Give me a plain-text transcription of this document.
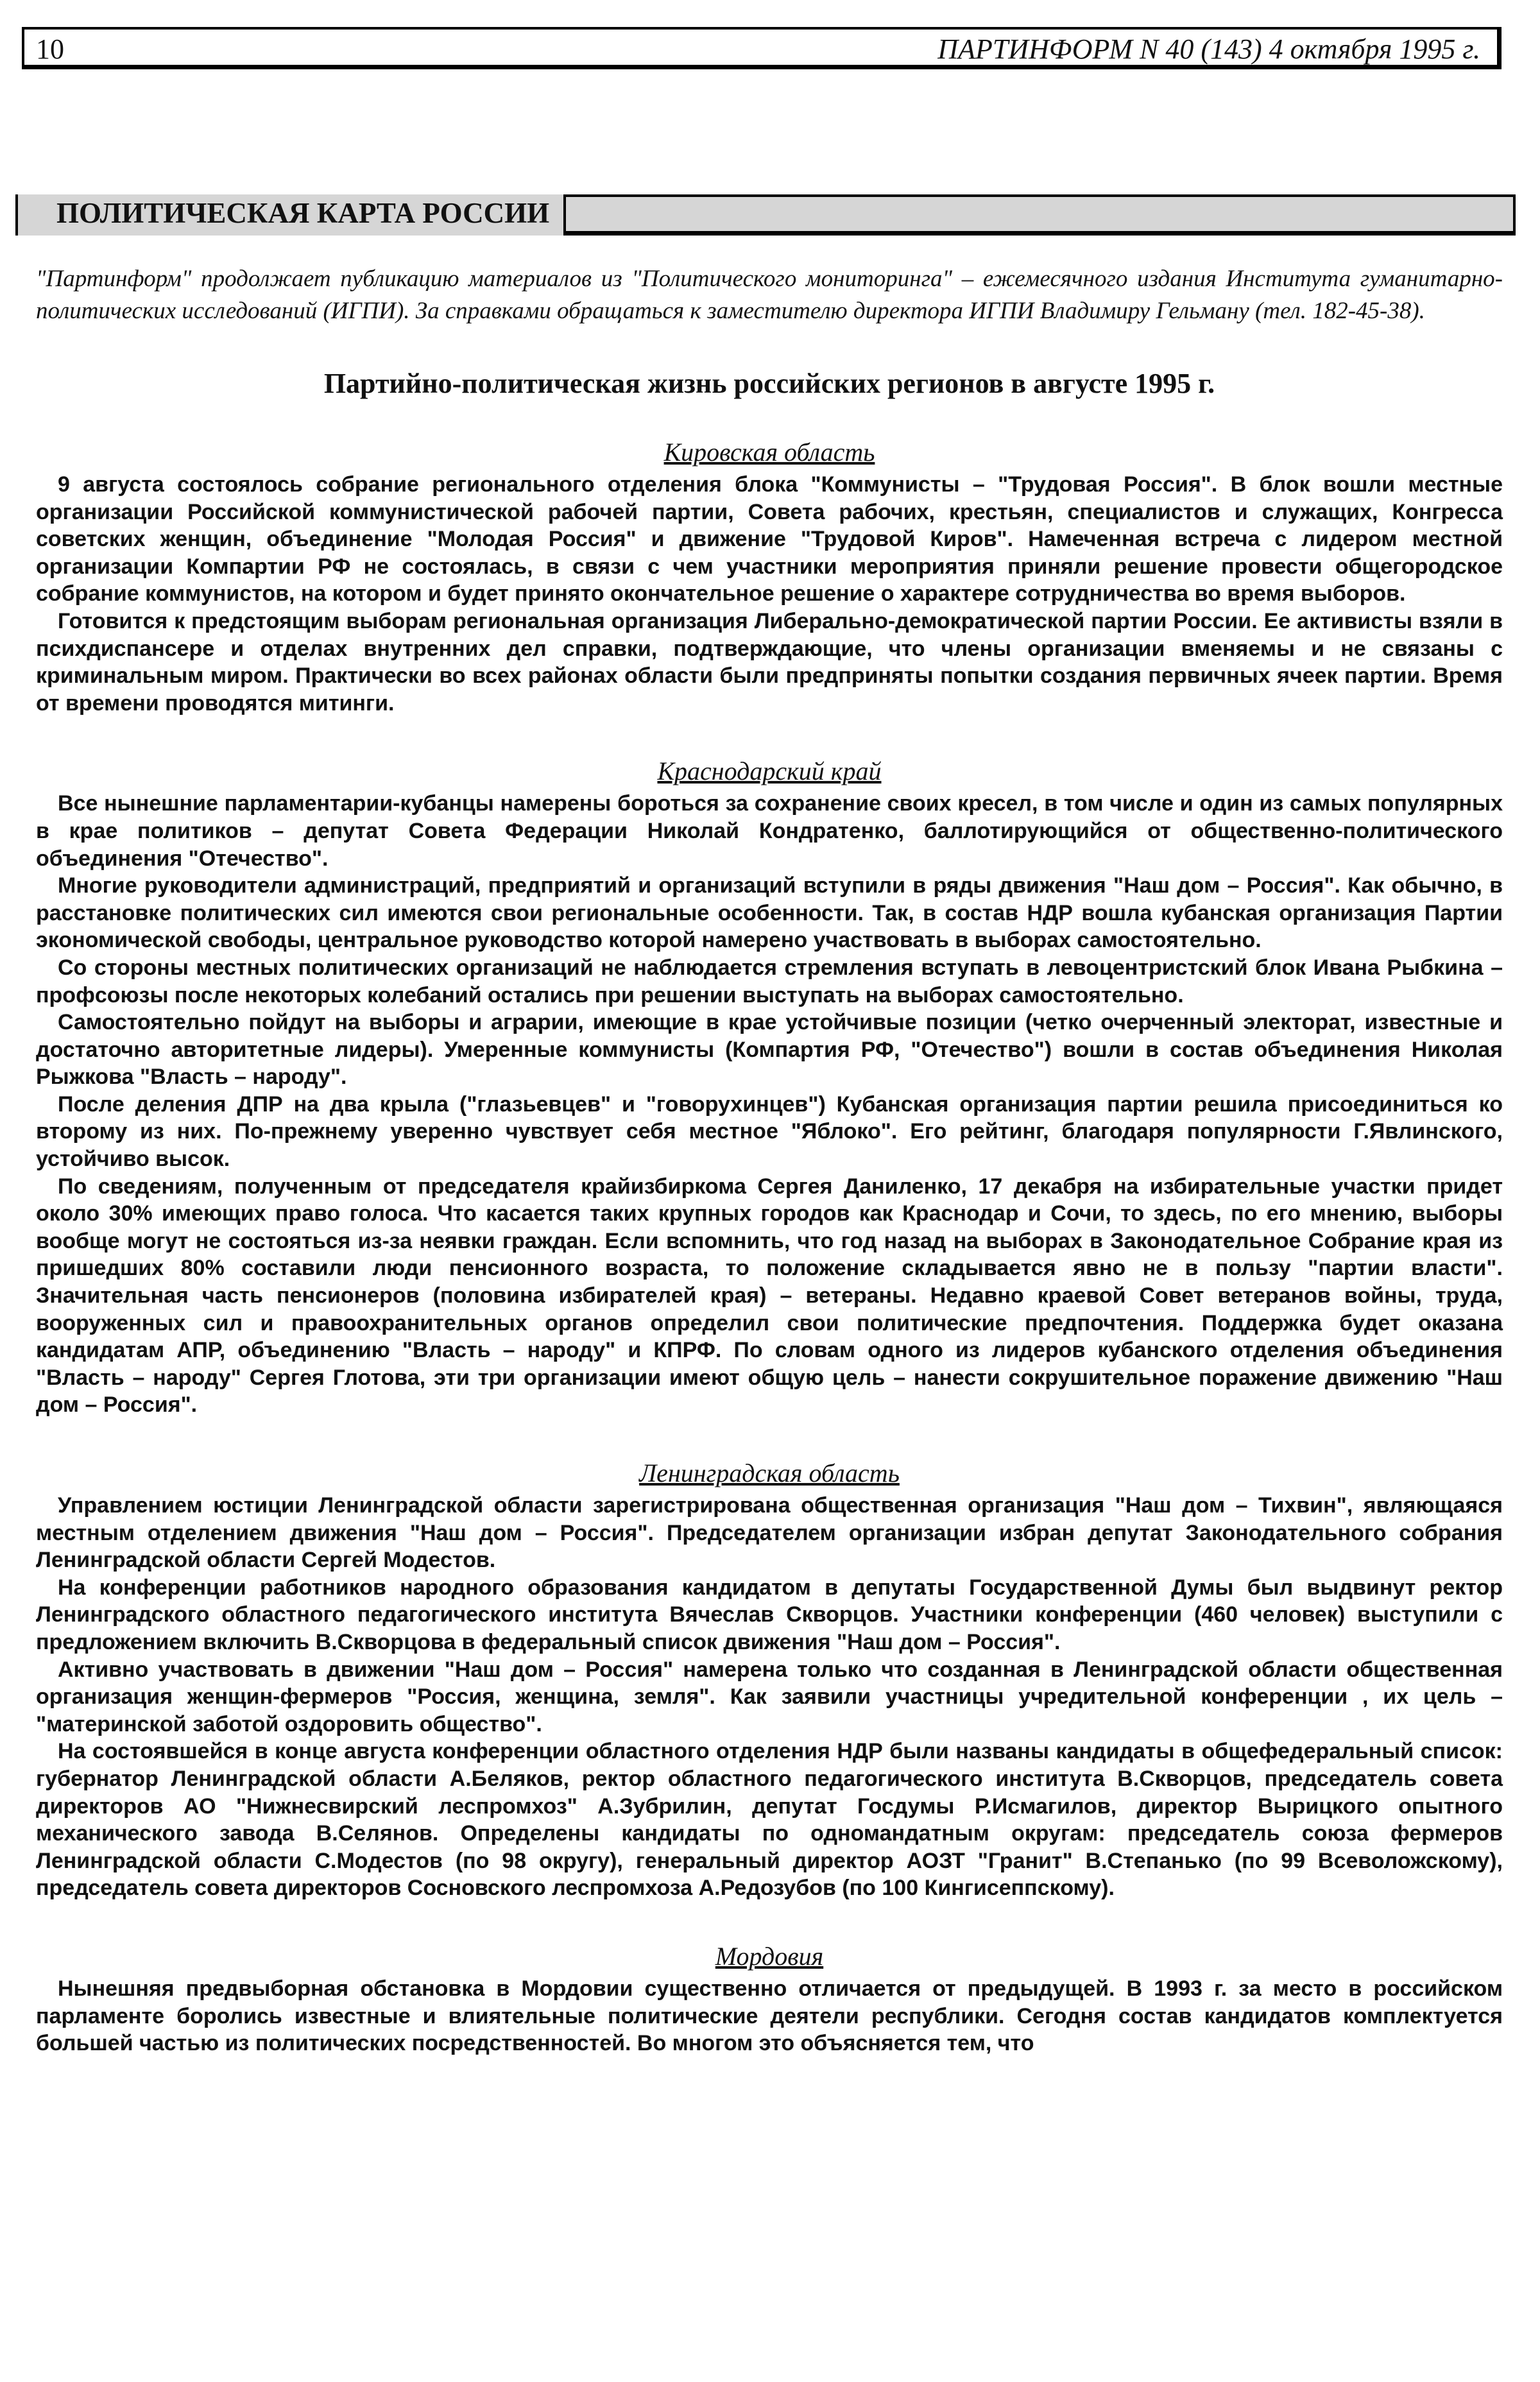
10	ПАРТИНФОРМ N 40 (143) 4 октября 1995 г.
ПОЛИТИЧЕСКАЯ КАРТА РОССИИ

"Партинформ" продолжает публикацию материалов из "Политического мониторинга" – ежемесячного издания Института гуманитарно-политических исследований (ИГПИ). За справками обращаться к заместителю директора ИГПИ Владимиру Гельману (тел. 182-45-38).

Партийно-политическая жизнь российских регионов в августе 1995 г.
Кировская область

9 августа состоялось собрание регионального отделения блока "Коммунисты – "Трудовая Россия". В блок вошли местные организации Российской коммунистической рабочей партии, Совета рабочих, крестьян, специалистов и служащих, Конгресса советских женщин, объединение "Молодая Россия" и движение "Трудовой Киров". Намеченная встреча с лидером местной организации Компартии РФ не состоялась, в связи с чем участники мероприятия приняли решение провести общегородское собрание коммунистов, на котором и будет принято окончательное решение о характере сотрудничества во время выборов.

Готовится к предстоящим выборам региональная организация Либерально-демократической партии России. Ее активисты взяли в психдиспансере и отделах внутренних дел справки, подтверждающие, что члены организации вменяемы и не связаны с криминальным миром. Практически во всех районах области были предприняты попытки создания первичных ячеек партии. Время от времени проводятся митинги.

Краснодарский край

Все нынешние парламентарии-кубанцы намерены бороться за сохранение своих кресел, в том числе и один из самых популярных в крае политиков – депутат Совета Федерации Николай Кондратенко, баллотирующийся от общественно-политического объединения "Отечество".

Многие руководители администраций, предприятий и организаций вступили в ряды движения "Наш дом – Россия". Как обычно, в расстановке политических сил имеются свои региональные особенности. Так, в состав НДР вошла кубанская организация Партии экономической свободы, центральное руководство которой намерено участвовать в выборах самостоятельно.

Со стороны местных политических организаций не наблюдается стремления вступать в левоцентристский блок Ивана Рыбкина – профсоюзы после некоторых колебаний остались при решении выступать на выборах самостоятельно.

Самостоятельно пойдут на выборы и аграрии, имеющие в крае устойчивые позиции (четко очерченный электорат, известные и достаточно авторитетные лидеры). Умеренные коммунисты (Компартия РФ, "Отечество") вошли в состав объединения Николая Рыжкова "Власть – народу".

После деления ДПР на два крыла ("глазьевцев" и "говорухинцев") Кубанская организация партии решила присоединиться ко второму из них. По-прежнему уверенно чувствует себя местное "Яблоко". Его рейтинг, благодаря популярности Г.Явлинского, устойчиво высок.

По сведениям, полученным от председателя крайизбиркома Сергея Даниленко, 17 декабря на избирательные участки придет около 30% имеющих право голоса. Что касается таких крупных городов как Краснодар и Сочи, то здесь, по его мнению, выборы вообще могут не состояться из-за неявки граждан. Если вспомнить, что год назад на выборах в Законодательное Собрание края из пришедших 80% составили люди пенсионного возраста, то положение складывается явно не в пользу "партии власти". Значительная часть пенсионеров (половина избирателей края) – ветераны. Недавно краевой Совет ветеранов войны, труда, вооруженных сил и правоохранительных органов определил свои политические предпочтения. Поддержка будет оказана кандидатам АПР, объединению "Власть – народу" и КПРФ. По словам одного из лидеров кубанского отделения объединения "Власть – народу" Сергея Глотова, эти три организации имеют общую цель – нанести сокрушительное поражение движению "Наш дом – Россия".

Ленинградская область

Управлением юстиции Ленинградской области зарегистрирована общественная организация "Наш дом – Тихвин", являющаяся местным отделением движения "Наш дом – Россия". Председателем организации избран депутат Законодательного собрания Ленинградской области Сергей Модестов.

На конференции работников народного образования кандидатом в депутаты Государственной Думы был выдвинут ректор Ленинградского областного педагогического института Вячеслав Скворцов. Участники конференции (460 человек) выступили с предложением включить В.Скворцова в федеральный список движения "Наш дом – Россия".

Активно участвовать в движении "Наш дом – Россия" намерена только что созданная в Ленинградской области общественная организация женщин-фермеров "Россия, женщина, земля". Как заявили участницы учредительной конференции , их цель – "материнской заботой оздоровить общество".

На состоявшейся в конце августа конференции областного отделения НДР были названы кандидаты в общефедеральный список: губернатор Ленинградской области А.Беляков, ректор областного педагогического института В.Скворцов, председатель совета директоров АО "Нижнесвирский леспромхоз" А.Зубрилин, депутат Госдумы Р.Исмагилов, директор Вырицкого опытного механического завода В.Селянов. Определены кандидаты по одномандатным округам: председатель союза фермеров Ленинградской области С.Модестов (по 98 округу), генеральный директор АОЗТ "Гранит" В.Степанько (по 99 Всеволожскому), председатель совета директоров Сосновского леспромхоза А.Редозубов (по 100 Кингисеппскому).

Мордовия

Нынешняя предвыборная обстановка в Мордовии существенно отличается от предыдущей. В 1993 г. за место в российском парламенте боролись известные и влиятельные политические деятели республики. Сегодня состав кандидатов комплектуется большей частью из политических посредственностей. Во многом это объясняется тем, что
